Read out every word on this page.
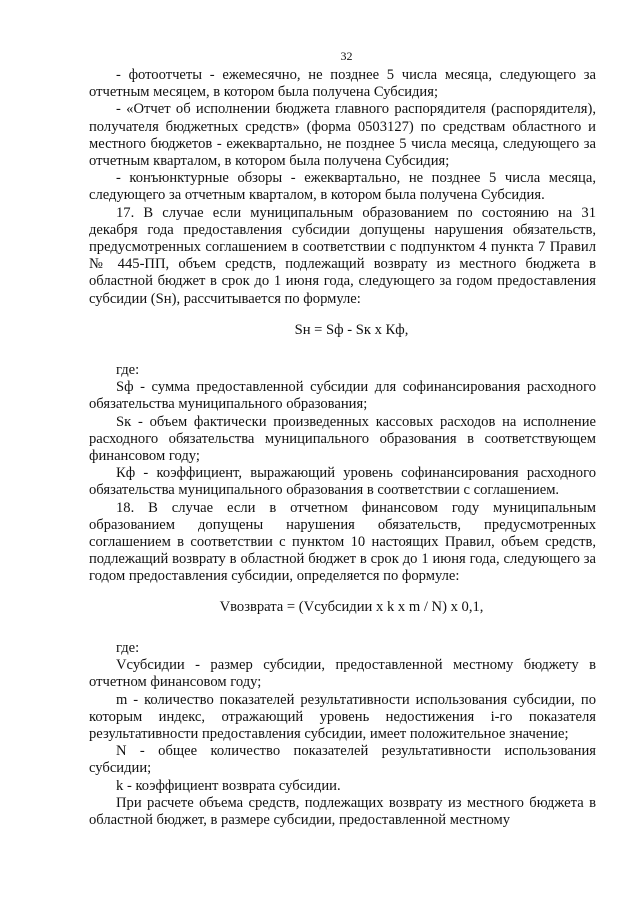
32

- фотоотчеты - ежемесячно, не позднее 5 числа месяца, следующего за отчетным месяцем, в котором была получена Субсидия;

- «Отчет об исполнении бюджета главного распорядителя (распорядителя), получателя бюджетных средств» (форма 0503127) по средствам областного и местного бюджетов - ежеквартально, не позднее 5 числа месяца, следующего за отчетным кварталом, в котором была получена Субсидия;

- конъюнктурные обзоры - ежеквартально, не позднее 5 числа месяца, следующего за отчетным кварталом, в котором была получена Субсидия.

17. В случае если муниципальным образованием по состоянию на 31 декабря года предоставления субсидии допущены нарушения обязательств, предусмотренных соглашением в соответствии с подпунктом 4 пункта 7 Правил № 445-ПП, объем средств, подлежащий возврату из местного бюджета в областной бюджет в срок до 1 июня года, следующего за годом предоставления субсидии (Sн), рассчитывается по формуле:

Sн = Sф - Sк x Кф,

где:

Sф - сумма предоставленной субсидии для софинансирования расходного обязательства муниципального образования;

Sк - объем фактически произведенных кассовых расходов на исполнение расходного обязательства муниципального образования в соответствующем финансовом году;

Кф - коэффициент, выражающий уровень софинансирования расходного обязательства муниципального образования в соответствии с соглашением.

18. В случае если в отчетном финансовом году муниципальным образованием допущены нарушения обязательств, предусмотренных соглашением в соответствии с пунктом 10 настоящих Правил, объем средств, подлежащий возврату в областной бюджет в срок до 1 июня года, следующего за годом предоставления субсидии, определяется по формуле:

Vвозврата = (Vсубсидии x k x m / N) x 0,1,

где:

Vсубсидии - размер субсидии, предоставленной местному бюджету в отчетном финансовом году;

m - количество показателей результативности использования субсидии, по которым индекс, отражающий уровень недостижения i-го показателя результативности предоставления субсидии, имеет положительное значение;

N - общее количество показателей результативности использования субсидии;

k - коэффициент возврата субсидии.

При расчете объема средств, подлежащих возврату из местного бюджета в областной бюджет, в размере субсидии, предоставленной местному
